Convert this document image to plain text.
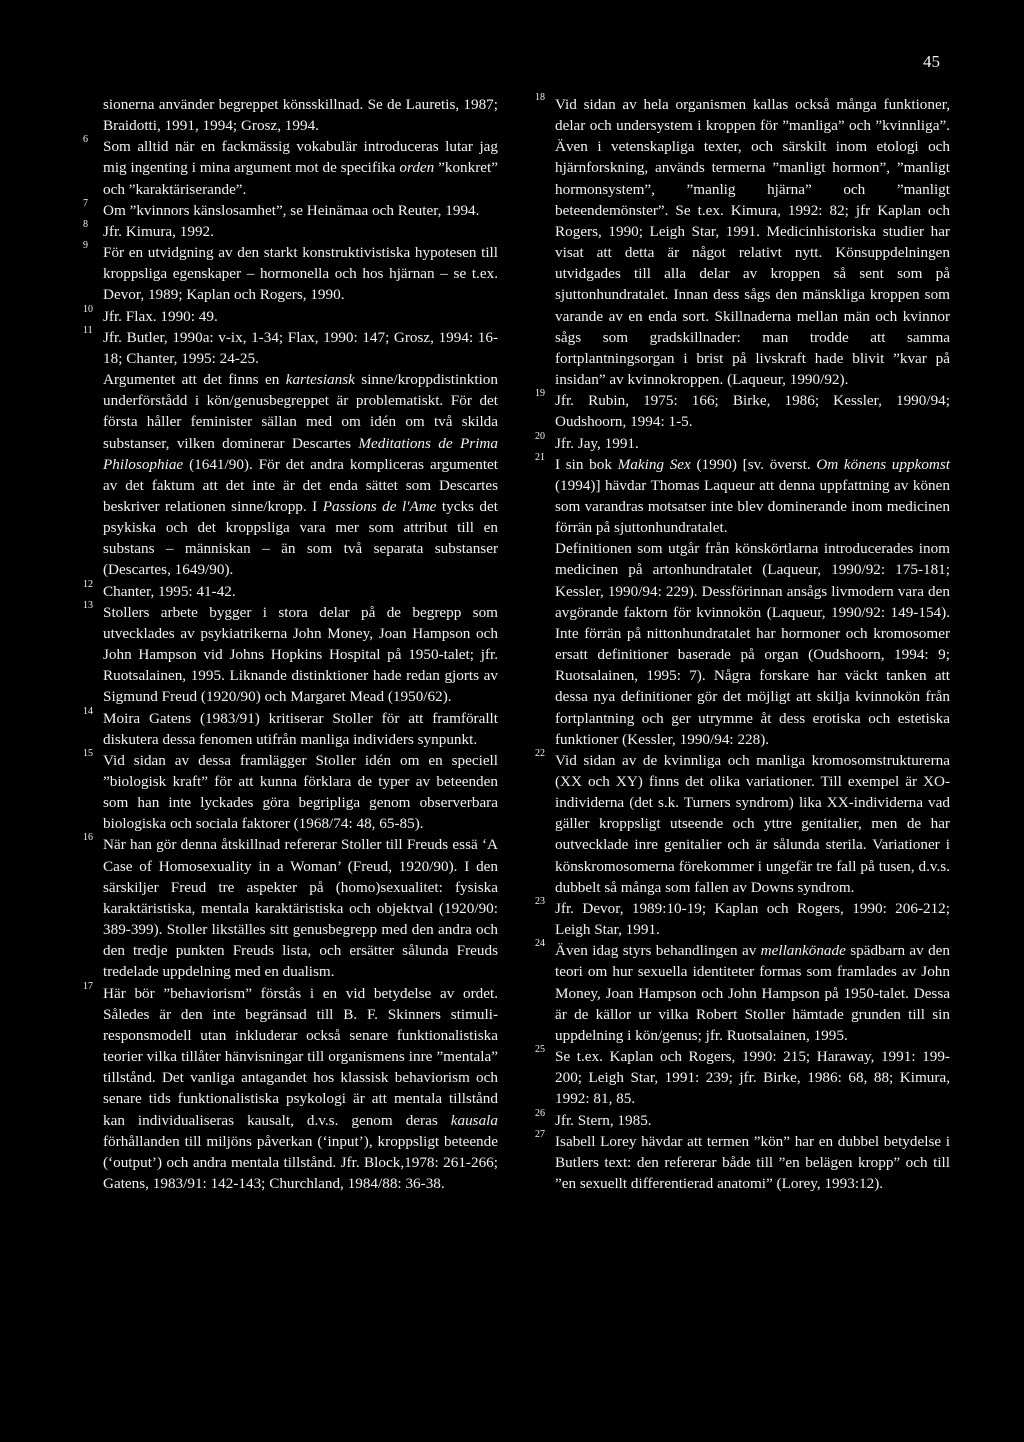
45
sionerna använder begreppet könsskillnad. Se de Lauretis, 1987; Braidotti, 1991, 1994; Grosz, 1994.
6 Som alltid när en fackmässig vokabulär introduceras lutar jag mig ingenting i mina argument mot de specifika orden ”konkret” och ”karaktäriserande”.
7 Om ”kvinnors känslosamhet”, se Heinämaa och Reuter, 1994.
8 Jfr. Kimura, 1992.
9 För en utvidgning av den starkt konstruktivistiska hypotesen till kroppsliga egenskaper – hormonella och hos hjärnan – se t.ex. Devor, 1989; Kaplan och Rogers, 1990.
10 Jfr. Flax. 1990: 49.
11 Jfr. Butler, 1990a: v-ix, 1-34; Flax, 1990: 147; Grosz, 1994: 16-18; Chanter, 1995: 24-25.
Argumentet att det finns en kartesiansk sinne/kroppdistinktion underförstådd i kön/genusbegreppet är problematiskt. För det första håller feminister sällan med om idén om två skilda substanser, vilken dominerar Descartes Meditations de Prima Philosophiae (1641/90). För det andra kompliceras argumentet av det faktum att det inte är det enda sättet som Descartes beskriver relationen sinne/kropp. I Passions de l'Ame tycks det psykiska och det kroppsliga vara mer som attribut till en substans – människan – än som två separata substanser (Descartes, 1649/90).
12 Chanter, 1995: 41-42.
13 Stollers arbete bygger i stora delar på de begrepp som utvecklades av psykiatrikerna John Money, Joan Hampson och John Hampson vid Johns Hopkins Hospital på 1950-talet; jfr. Ruotsalainen, 1995. Liknande distinktioner hade redan gjorts av Sigmund Freud (1920/90) och Margaret Mead (1950/62).
14 Moira Gatens (1983/91) kritiserar Stoller för att framförallt diskutera dessa fenomen utifrån manliga individers synpunkt.
15 Vid sidan av dessa framlägger Stoller idén om en speciell ”biologisk kraft” för att kunna förklara de typer av beteenden som han inte lyckades göra begripliga genom observerbara biologiska och sociala faktorer (1968/74: 48, 65-85).
16 När han gör denna åtskillnad refererar Stoller till Freuds essä ‘A Case of Homosexuality in a Woman’ (Freud, 1920/90). I den särskiljer Freud tre aspekter på (homo)sexualitet: fysiska karaktäristiska, mentala karaktäristiska och objektval (1920/90: 389-399). Stoller likställes sitt genusbegrepp med den andra och den tredje punkten Freuds lista, och ersätter sålunda Freuds tredelade uppdelning med en dualism.
17 Här bör ”behaviorism” förstås i en vid betydelse av ordet. Således är den inte begränsad till B. F. Skinners stimuli-responsmodell utan inkluderar också senare funktionalistiska teorier vilka tillåter hänvisningar till organismens inre ”mentala” tillstånd. Det vanliga antagandet hos klassisk behaviorism och senare tids funktionalistiska psykologi är att mentala tillstånd kan individualiseras kausalt, d.v.s. genom deras kausala förhållanden till miljöns påverkan (‘input’), kroppsligt beteende (‘output’) och andra mentala tillstånd. Jfr. Block,1978: 261-266; Gatens, 1983/91: 142-143; Churchland, 1984/88: 36-38.
18 Vid sidan av hela organismen kallas också många funktioner, delar och undersystem i kroppen för ”manliga” och ”kvinnliga”. Även i vetenskapliga texter, och särskilt inom etologi och hjärnforskning, används termerna ”manligt hormon”, ”manligt hormonsystem”, ”manlig hjärna” och ”manligt beteendemönster”. Se t.ex. Kimura, 1992: 82; jfr Kaplan och Rogers, 1990; Leigh Star, 1991. Medicinhistoriska studier har visat att detta är något relativt nytt. Könsuppdelningen utvidgades till alla delar av kroppen så sent som på sjuttonhundratalet. Innan dess sågs den mänskliga kroppen som varande av en enda sort. Skillnaderna mellan män och kvinnor sågs som gradskillnader: man trodde att samma fortplantningsorgan i brist på livskraft hade blivit ”kvar på insidan” av kvinnokroppen. (Laqueur, 1990/92).
19 Jfr. Rubin, 1975: 166; Birke, 1986; Kessler, 1990/94; Oudshoorn, 1994: 1-5.
20 Jfr. Jay, 1991.
21 I sin bok Making Sex (1990) [sv. överst. Om könens uppkomst (1994)] hävdar Thomas Laqueur att denna uppfattning av könen som varandras motsatser inte blev dominerande inom medicinen förrän på sjuttonhundratalet.
Definitionen som utgår från könskörtlarna introducerades inom medicinen på artonhundratalet (Laqueur, 1990/92: 175-181; Kessler, 1990/94: 229). Dessförinnan ansågs livmodern vara den avgörande faktorn för kvinnokön (Laqueur, 1990/92: 149-154). Inte förrän på nittonhundratalet har hormoner och kromosomer ersatt definitioner baserade på organ (Oudshoorn, 1994: 9; Ruotsalainen, 1995: 7). Några forskare har väckt tanken att dessa nya definitioner gör det möjligt att skilja kvinnokön från fortplantning och ger utrymme åt dess erotiska och estetiska funktioner (Kessler, 1990/94: 228).
22 Vid sidan av de kvinnliga och manliga kromosomstrukturerna (XX och XY) finns det olika variationer. Till exempel är XO-individerna (det s.k. Turners syndrom) lika XX-individerna vad gäller kroppsligt utseende och yttre genitalier, men de har outvecklade inre genitalier och är sålunda sterila. Variationer i könskromosomerna förekommer i ungefär tre fall på tusen, d.v.s. dubbelt så många som fallen av Downs syndrom.
23 Jfr. Devor, 1989:10-19; Kaplan och Rogers, 1990: 206-212; Leigh Star, 1991.
24 Även idag styrs behandlingen av mellankönade spädbarn av den teori om hur sexuella identiteter formas som framlades av John Money, Joan Hampson och John Hampson på 1950-talet. Dessa är de källor ur vilka Robert Stoller hämtade grunden till sin uppdelning i kön/genus; jfr. Ruotsalainen, 1995.
25 Se t.ex. Kaplan och Rogers, 1990: 215; Haraway, 1991: 199-200; Leigh Star, 1991: 239; jfr. Birke, 1986: 68, 88; Kimura, 1992: 81, 85.
26 Jfr. Stern, 1985.
27 Isabell Lorey hävdar att termen ”kön” har en dubbel betydelse i Butlers text: den refererar både till ”en belägen kropp” och till ”en sexuellt differentierad anatomi” (Lorey, 1993:12).
